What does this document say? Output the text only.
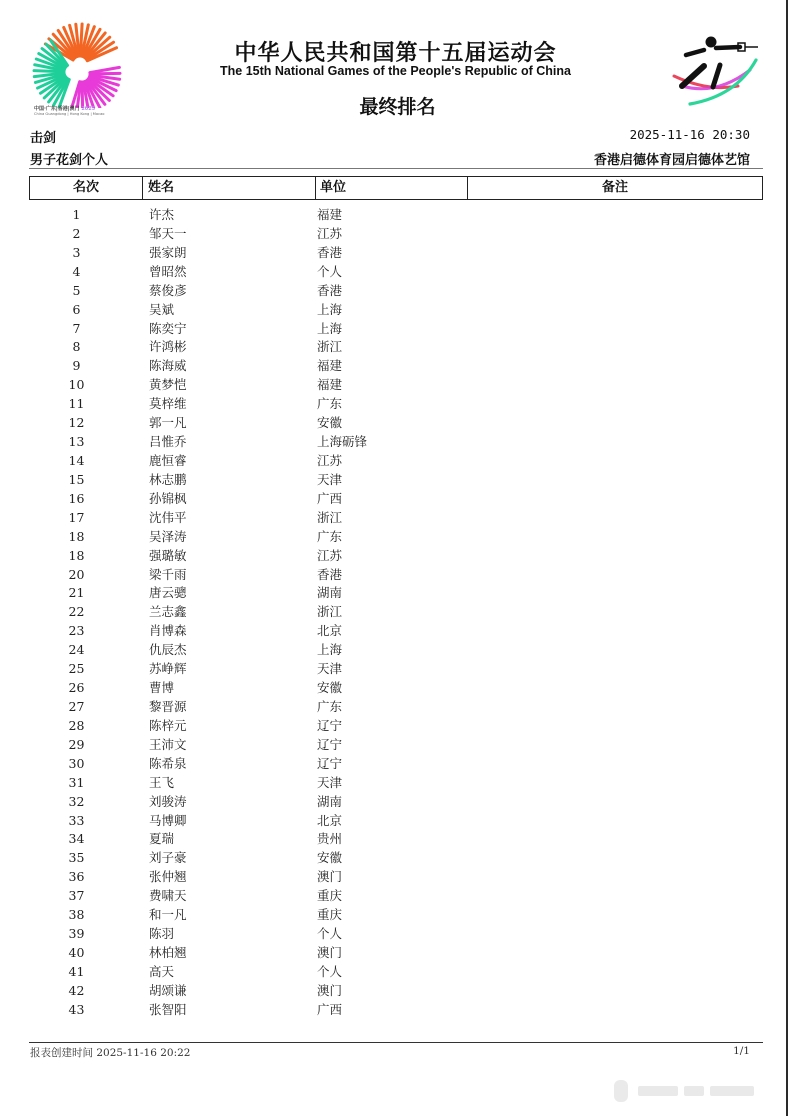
中国·广东|香港|澳门 2025
China Guangdong | Hong Kong | Macao
中华人民共和国第十五届运动会
The 15th National Games of the People's Republic of China
最终排名
击剑
男子花剑个人
2025-11-16 20:30
香港启德体育园启德体艺馆
名次	姓名	单位	备注
1	许杰	福建
2	邹天一	江苏
3	張家朗	香港
4	曾昭然	个人
5	蔡俊彥	香港
6	吴斌	上海
7	陈奕宁	上海
8	许鸿彬	浙江
9	陈海威	福建
10	黄梦恺	福建
11	莫梓维	广东
12	郭一凡	安徽
13	吕惟乔	上海砺锋
14	鹿恒睿	江苏
15	林志鹏	天津
16	孙锦枫	广西
17	沈伟平	浙江
18	吴泽涛	广东
18	强璐敏	江苏
20	梁千雨	香港
21	唐云骢	湖南
22	兰志鑫	浙江
23	肖博森	北京
24	仇辰杰	上海
25	苏峥辉	天津
26	曹博	安徽
27	黎晋源	广东
28	陈梓元	辽宁
29	王沛文	辽宁
30	陈希泉	辽宁
31	王飞	天津
32	刘骏涛	湖南
33	马博卿	北京
34	夏瑞	贵州
35	刘子豪	安徽
36	张仲翘	澳门
37	费啸天	重庆
38	和一凡	重庆
39	陈羽	个人
40	林柏翘	澳门
41	高天	个人
42	胡颂谦	澳门
43	张智阳	广西
报表创建时间 2025-11-16 20:22	1/1
